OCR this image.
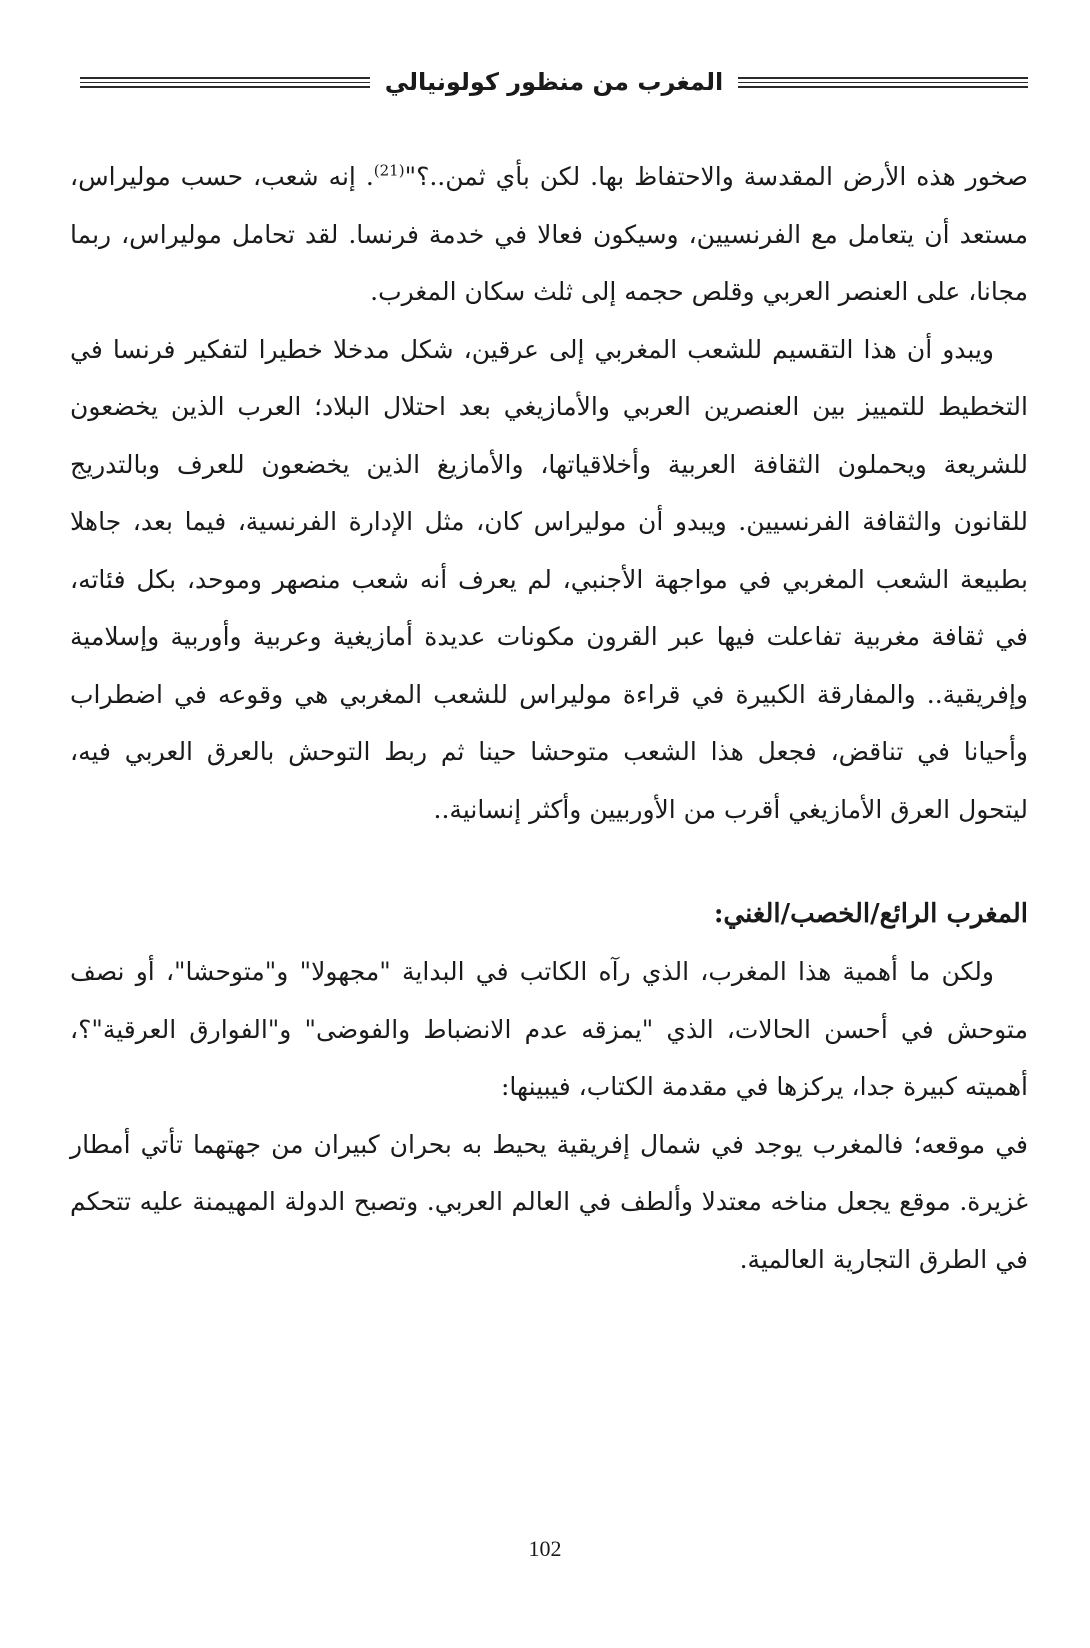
المغرب من منظور كولونيالي

صخور هذه الأرض المقدسة والاحتفاظ بها. لكن بأي ثمن..؟"$^{(21)}$. إنه شعب، حسب موليراس، مستعد أن يتعامل مع الفرنسيين، وسيكون فعالا في خدمة فرنسا. لقد تحامل موليراس، ربما مجانا، على العنصر العربي وقلص حجمه إلى ثلث سكان المغرب.

ويبدو أن هذا التقسيم للشعب المغربي إلى عرقين، شكل مدخلا خطيرا لتفكير فرنسا في التخطيط للتمييز بين العنصرين العربي والأمازيغي بعد احتلال البلاد؛ العرب الذين يخضعون للشريعة ويحملون الثقافة العربية وأخلاقياتها، والأمازيغ الذين يخضعون للعرف وبالتدريج للقانون والثقافة الفرنسيين. ويبدو أن موليراس كان، مثل الإدارة الفرنسية، فيما بعد، جاهلا بطبيعة الشعب المغربي في مواجهة الأجنبي، لم يعرف أنه شعب منصهر وموحد، بكل فئاته، في ثقافة مغربية تفاعلت فيها عبر القرون مكونات عديدة أمازيغية وعربية وأوربية وإسلامية وإفريقية.. والمفارقة الكبيرة في قراءة موليراس للشعب المغربي هي وقوعه في اضطراب وأحيانا في تناقض، فجعل هذا الشعب متوحشا حينا ثم ربط التوحش بالعرق العربي فيه، ليتحول العرق الأمازيغي أقرب من الأوربيين وأكثر إنسانية..

المغرب الرائع/الخصب/الغني:

ولكن ما أهمية هذا المغرب، الذي رآه الكاتب في البداية "مجهولا" و"متوحشا"، أو نصف متوحش في أحسن الحالات، الذي "يمزقه عدم الانضباط والفوضى" و"الفوارق العرقية"؟، أهميته كبيرة جدا، يركزها في مقدمة الكتاب، فيبينها:

في موقعه؛ فالمغرب يوجد في شمال إفريقية يحيط به بحران كبيران من جهتهما تأتي أمطار غزيرة. موقع يجعل مناخه معتدلا وألطف في العالم العربي. وتصبح الدولة المهيمنة عليه تتحكم في الطرق التجارية العالمية.

102
